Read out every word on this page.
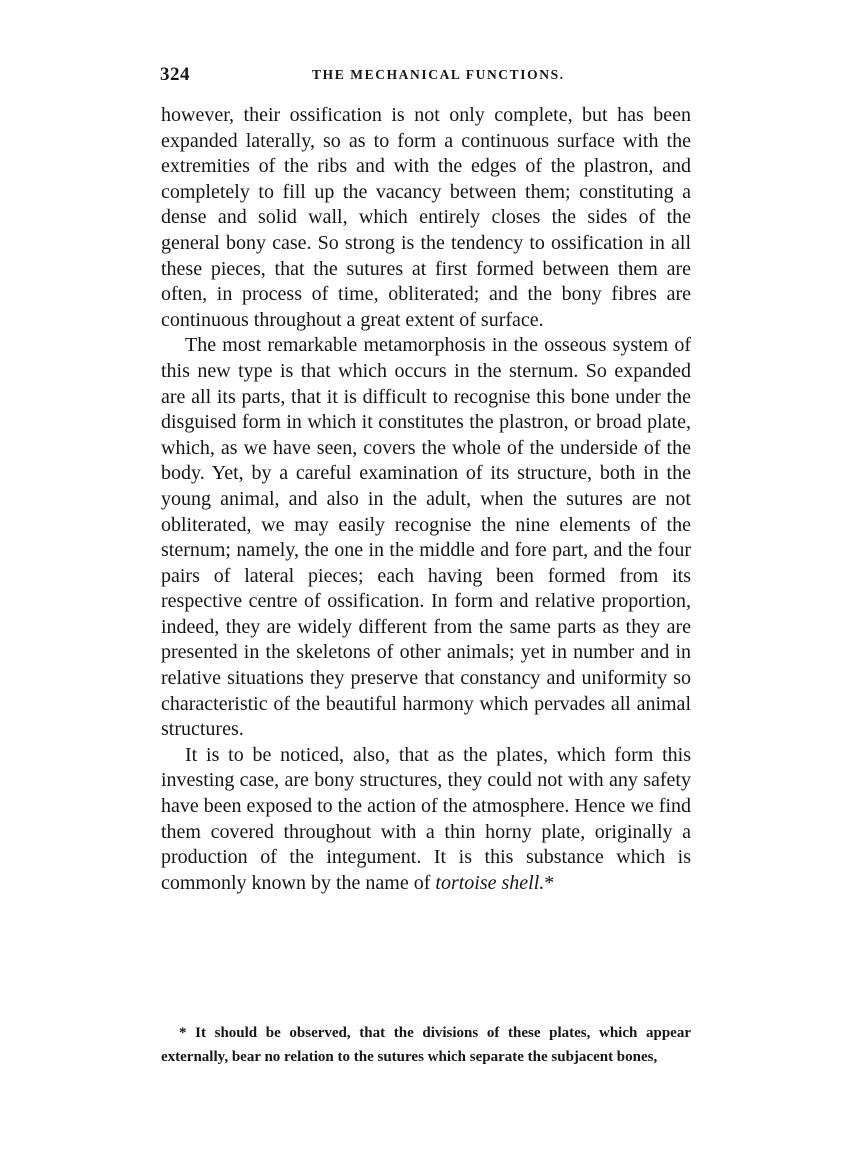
324	THE MECHANICAL FUNCTIONS.

however, their ossification is not only complete, but has been expanded laterally, so as to form a continuous surface with the extremities of the ribs and with the edges of the plastron, and completely to fill up the vacancy between them; constituting a dense and solid wall, which entirely closes the sides of the general bony case. So strong is the tendency to ossification in all these pieces, that the sutures at first formed between them are often, in process of time, obliterated; and the bony fibres are continuous throughout a great extent of surface.

The most remarkable metamorphosis in the osseous system of this new type is that which occurs in the sternum. So expanded are all its parts, that it is difficult to recognise this bone under the disguised form in which it constitutes the plastron, or broad plate, which, as we have seen, covers the whole of the underside of the body. Yet, by a careful examination of its structure, both in the young animal, and also in the adult, when the sutures are not obliterated, we may easily recognise the nine elements of the sternum; namely, the one in the middle and fore part, and the four pairs of lateral pieces; each having been formed from its respective centre of ossification. In form and relative proportion, indeed, they are widely different from the same parts as they are presented in the skeletons of other animals; yet in number and in relative situations they preserve that constancy and uniformity so characteristic of the beautiful harmony which pervades all animal structures.

It is to be noticed, also, that as the plates, which form this investing case, are bony structures, they could not with any safety have been exposed to the action of the atmosphere. Hence we find them covered throughout with a thin horny plate, originally a production of the integument. It is this substance which is commonly known by the name of tortoise shell.*

* It should be observed, that the divisions of these plates, which appear externally, bear no relation to the sutures which separate the subjacent bones,
